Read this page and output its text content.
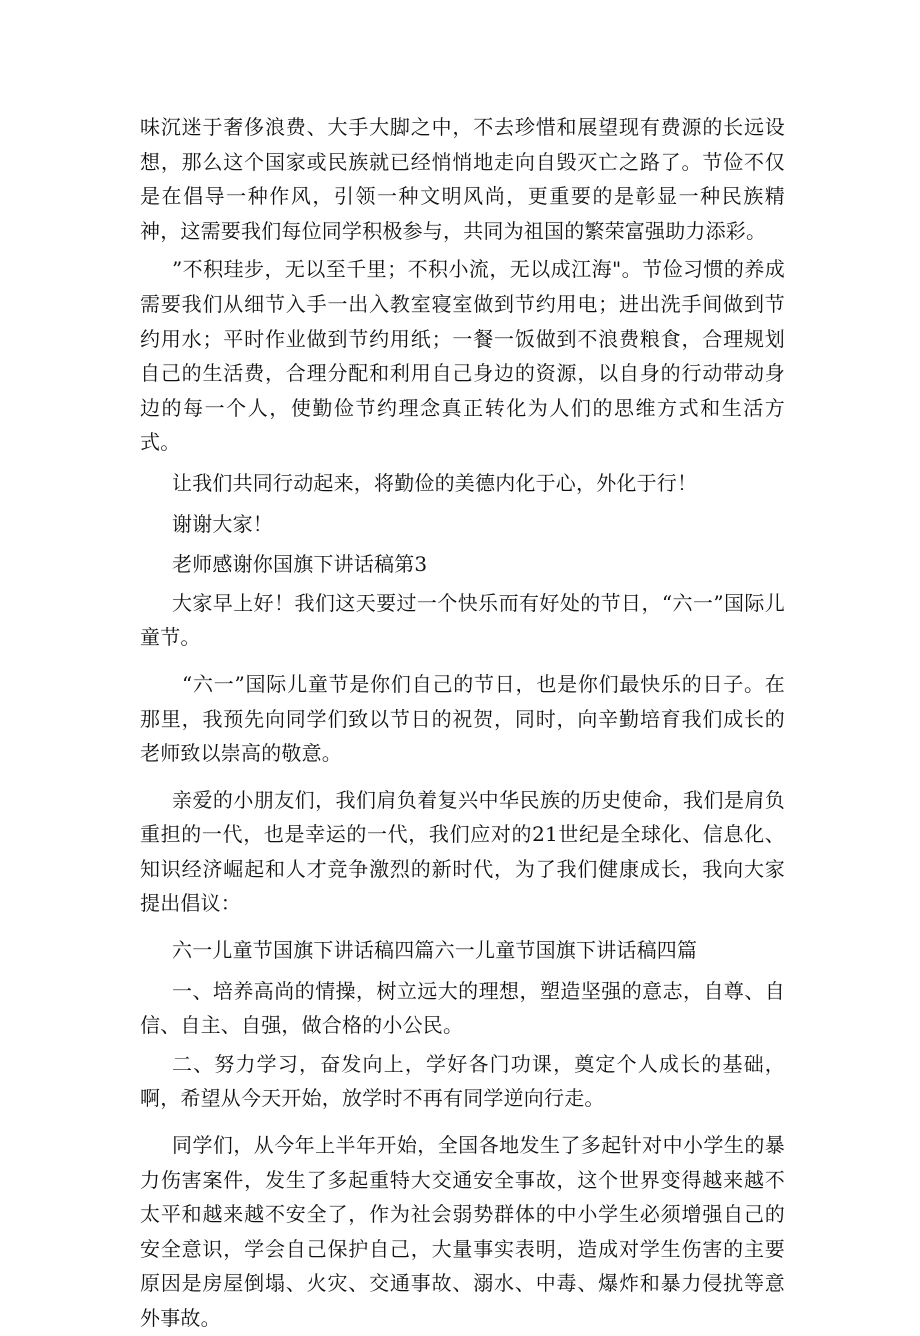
味沉迷于奢侈浪费、大手大脚之中，不去珍惜和展望现有费源的长远设想，那么这个国家或民族就已经悄悄地走向自毁灭亡之路了。节俭不仅是在倡导一种作风，引领一种文明风尚，更重要的是彰显一种民族精神，这需要我们每位同学积极参与，共同为祖国的繁荣富强助力添彩。

”不积珪步，无以至千里；不积小流，无以成江海"。节俭习惯的养成需要我们从细节入手一出入教室寝室做到节约用电；进出洗手间做到节约用水；平时作业做到节约用纸；一餐一饭做到不浪费粮食，合理规划自己的生活费，合理分配和利用自己身边的资源，以自身的行动带动身边的每一个人，使勤俭节约理念真正转化为人们的思维方式和生活方式。

让我们共同行动起来，将勤俭的美德内化于心，外化于行！

谢谢大家！

老师感谢你国旗下讲话稿第3

大家早上好！我们这天要过一个快乐而有好处的节日，“六一”国际儿童节。

“六一”国际儿童节是你们自己的节日，也是你们最快乐的日子。在那里，我预先向同学们致以节日的祝贺，同时，向辛勤培育我们成长的老师致以崇高的敬意。

亲爱的小朋友们，我们肩负着复兴中华民族的历史使命，我们是肩负重担的一代，也是幸运的一代，我们应对的21世纪是全球化、信息化、知识经济崛起和人才竞争激烈的新时代，为了我们健康成长，我向大家提出倡议：

六一儿童节国旗下讲话稿四篇六一儿童节国旗下讲话稿四篇

一、培养高尚的情操，树立远大的理想，塑造坚强的意志，自尊、自信、自主、自强，做合格的小公民。

二、努力学习，奋发向上，学好各门功课，奠定个人成长的基础，啊，希望从今天开始，放学时不再有同学逆向行走。

同学们，从今年上半年开始，全国各地发生了多起针对中小学生的暴力伤害案件，发生了多起重特大交通安全事故，这个世界变得越来越不太平和越来越不安全了，作为社会弱势群体的中小学生必须增强自己的安全意识，学会自己保护自己，大量事实表明，造成对学生伤害的主要原因是房屋倒塌、火灾、交通事故、溺水、中毒、爆炸和暴力侵扰等意外事故。
